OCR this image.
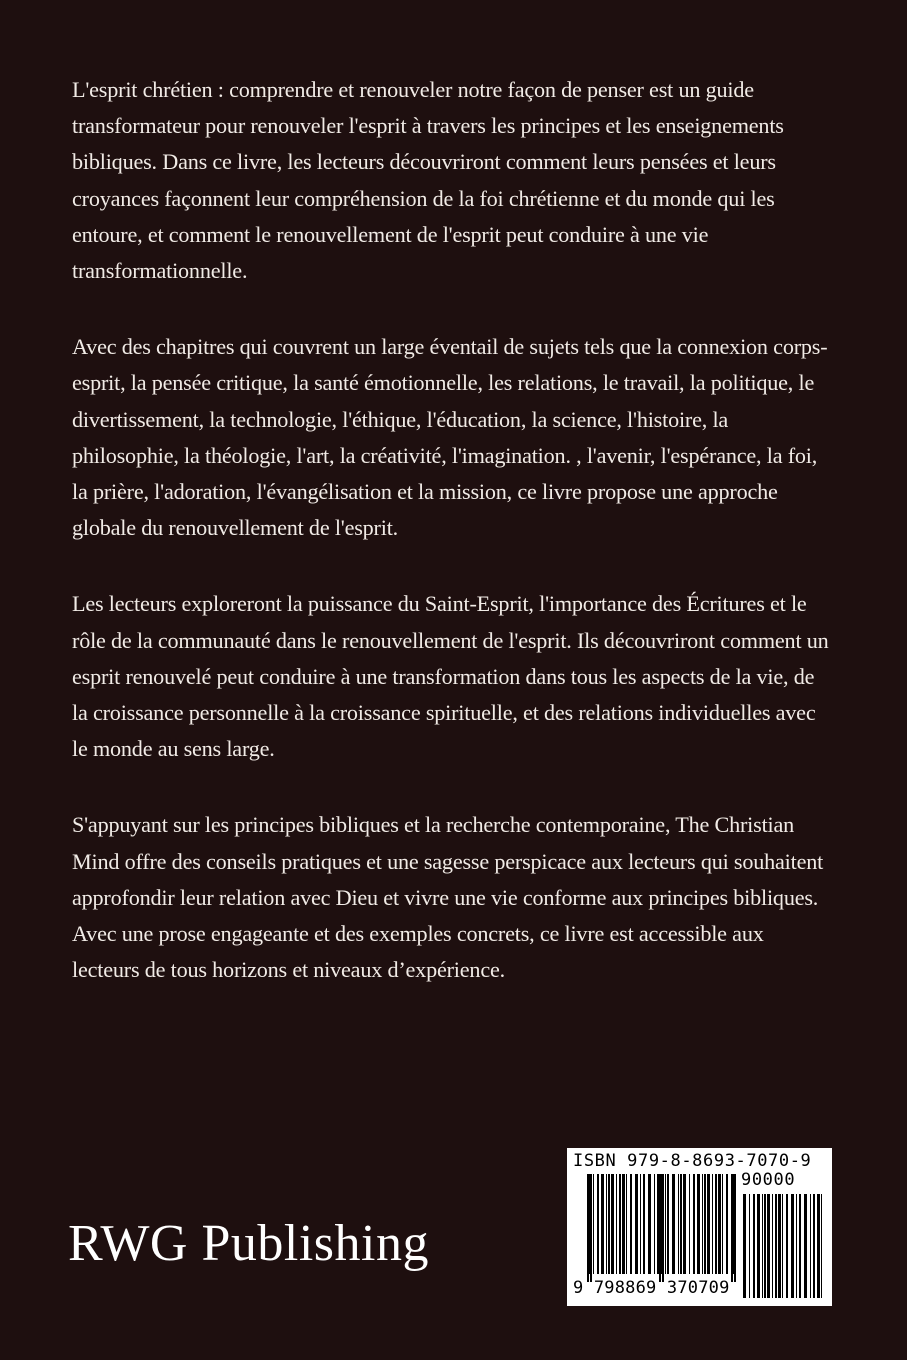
L'esprit chrétien : comprendre et renouveler notre façon de penser est un guide transformateur pour renouveler l'esprit à travers les principes et les enseignements bibliques. Dans ce livre, les lecteurs découvriront comment leurs pensées et leurs croyances façonnent leur compréhension de la foi chrétienne et du monde qui les entoure, et comment le renouvellement de l'esprit peut conduire à une vie transformationnelle.

Avec des chapitres qui couvrent un large éventail de sujets tels que la connexion corps-esprit, la pensée critique, la santé émotionnelle, les relations, le travail, la politique, le divertissement, la technologie, l'éthique, l'éducation, la science, l'histoire, la philosophie, la théologie, l'art, la créativité, l'imagination. , l'avenir, l'espérance, la foi, la prière, l'adoration, l'évangélisation et la mission, ce livre propose une approche globale du renouvellement de l'esprit.

Les lecteurs exploreront la puissance du Saint-Esprit, l'importance des Écritures et le rôle de la communauté dans le renouvellement de l'esprit. Ils découvriront comment un esprit renouvelé peut conduire à une transformation dans tous les aspects de la vie, de la croissance personnelle à la croissance spirituelle, et des relations individuelles avec le monde au sens large.

S'appuyant sur les principes bibliques et la recherche contemporaine, The Christian Mind offre des conseils pratiques et une sagesse perspicace aux lecteurs qui souhaitent approfondir leur relation avec Dieu et vivre une vie conforme aux principes bibliques. Avec une prose engageante et des exemples concrets, ce livre est accessible aux lecteurs de tous horizons et niveaux d’expérience.

RWG Publishing
ISBN 979-8-8693-7070-9
90000
9 798869 370709
